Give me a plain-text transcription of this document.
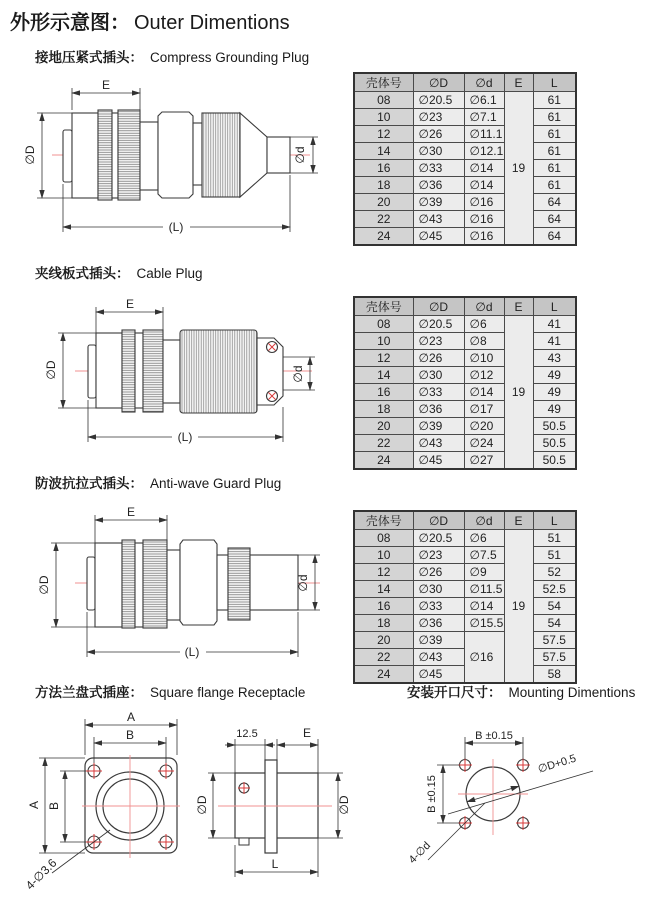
外形示意图： Outer Dimentions
接地压紧式插头： Compress Grounding Plug
E
∅D	∅d
(L)
壳体号	∅D	∅d	E	L
08	∅20.5	∅6.1	19	61
10	∅23	∅7.1		61
12	∅26	∅11.1		61
14	∅30	∅12.1		61
16	∅33	∅14		61
18	∅36	∅14		61
20	∅39	∅16		64
22	∅43	∅16		64
24	∅45	∅16		64
夹线板式插头： Cable Plug
E
∅D	∅d
(L)
壳体号	∅D	∅d	E	L
08	∅20.5	∅6	19	41
10	∅23	∅8		41
12	∅26	∅10		43
14	∅30	∅12		49
16	∅33	∅14		49
18	∅36	∅17		49
20	∅39	∅20		50.5
22	∅43	∅24		50.5
24	∅45	∅27		50.5
防波抗拉式插头： Anti-wave Guard Plug
E
∅D	∅d
(L)
壳体号	∅D	∅d	E	L
08	∅20.5	∅6	19	51
10	∅23	∅7.5		51
12	∅26	∅9		52
14	∅30	∅11.5		52.5
16	∅33	∅14		54
18	∅36	∅15.5		54
20	∅39	∅16		57.5
22	∅43			57.5
24	∅45			58
方法兰盘式插座： Square flange Receptacle	安装开口尺寸： Mounting Dimentions
A
B
A B
4-∅3.6
12.5	E
∅D	∅D
L
B ±0.15
B ±0.15
∅D+0.5
4-∅d
